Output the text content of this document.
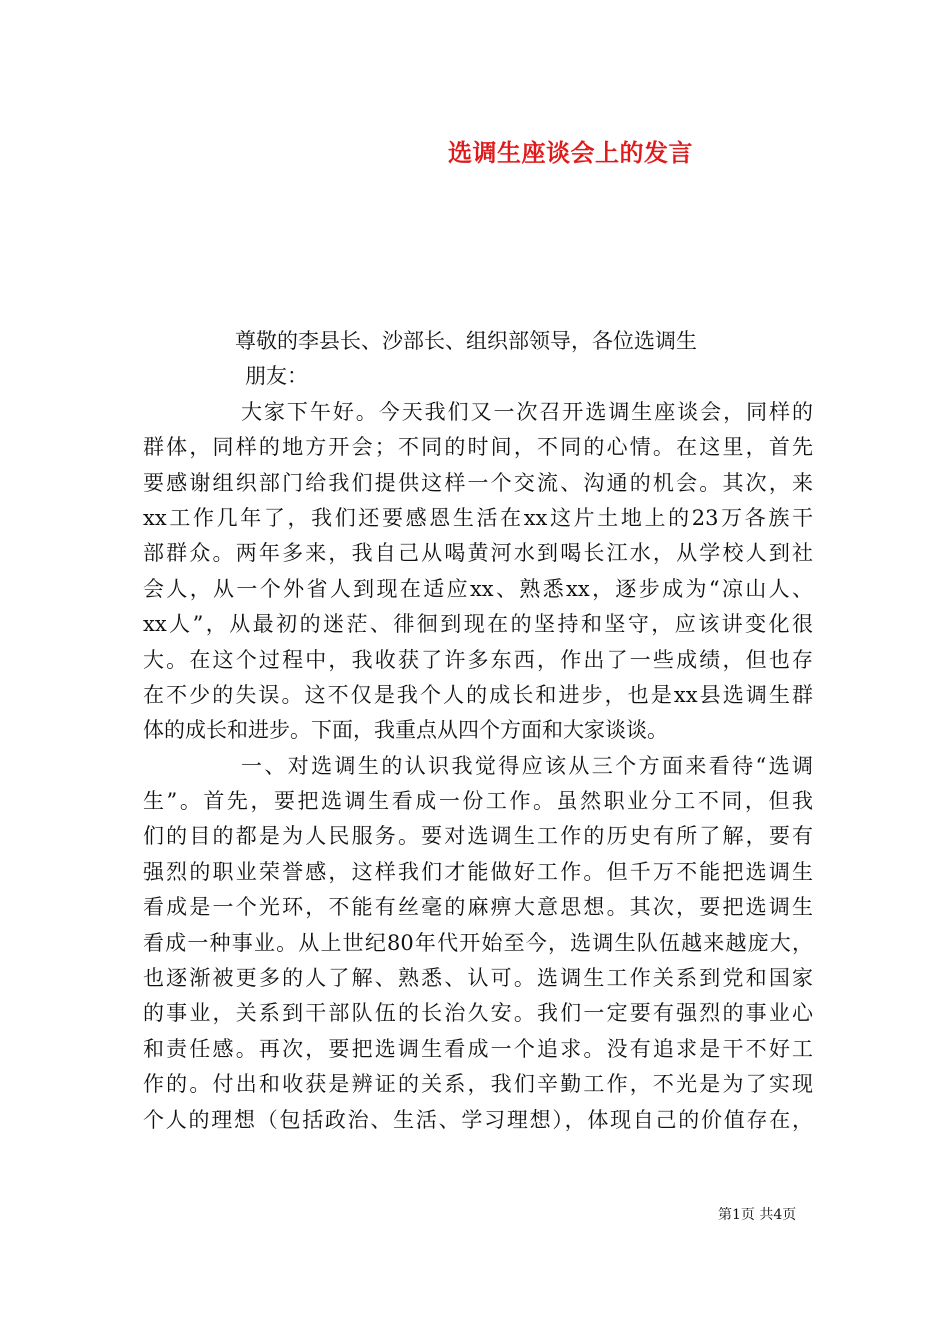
选调生座谈会上的发言
尊敬的李县长、沙部长、组织部领导，各位选调生
朋友：
大家下午好。今天我们又一次召开选调生座谈会，同样的
群体，同样的地方开会；不同的时间，不同的心情。在这里，首先
要感谢组织部门给我们提供这样一个交流、沟通的机会。其次，来
xx工作几年了，我们还要感恩生活在xx这片土地上的23万各族干
部群众。两年多来，我自己从喝黄河水到喝长江水，从学校人到社
会人，从一个外省人到现在适应xx、熟悉xx，逐步成为“凉山人、
xx人”，从最初的迷茫、徘徊到现在的坚持和坚守，应该讲变化很
大。在这个过程中，我收获了许多东西，作出了一些成绩，但也存
在不少的失误。这不仅是我个人的成长和进步，也是xx县选调生群
体的成长和进步。下面，我重点从四个方面和大家谈谈。
一、对选调生的认识我觉得应该从三个方面来看待“选调
生”。首先，要把选调生看成一份工作。虽然职业分工不同，但我
们的目的都是为人民服务。要对选调生工作的历史有所了解，要有
强烈的职业荣誉感，这样我们才能做好工作。但千万不能把选调生
看成是一个光环，不能有丝毫的麻痹大意思想。其次，要把选调生
看成一种事业。从上世纪80年代开始至今，选调生队伍越来越庞大，
也逐渐被更多的人了解、熟悉、认可。选调生工作关系到党和国家
的事业，关系到干部队伍的长治久安。我们一定要有强烈的事业心
和责任感。再次，要把选调生看成一个追求。没有追求是干不好工
作的。付出和收获是辨证的关系，我们辛勤工作，不光是为了实现
个人的理想（包括政治、生活、学习理想），体现自己的价值存在，
第1页 共4页
